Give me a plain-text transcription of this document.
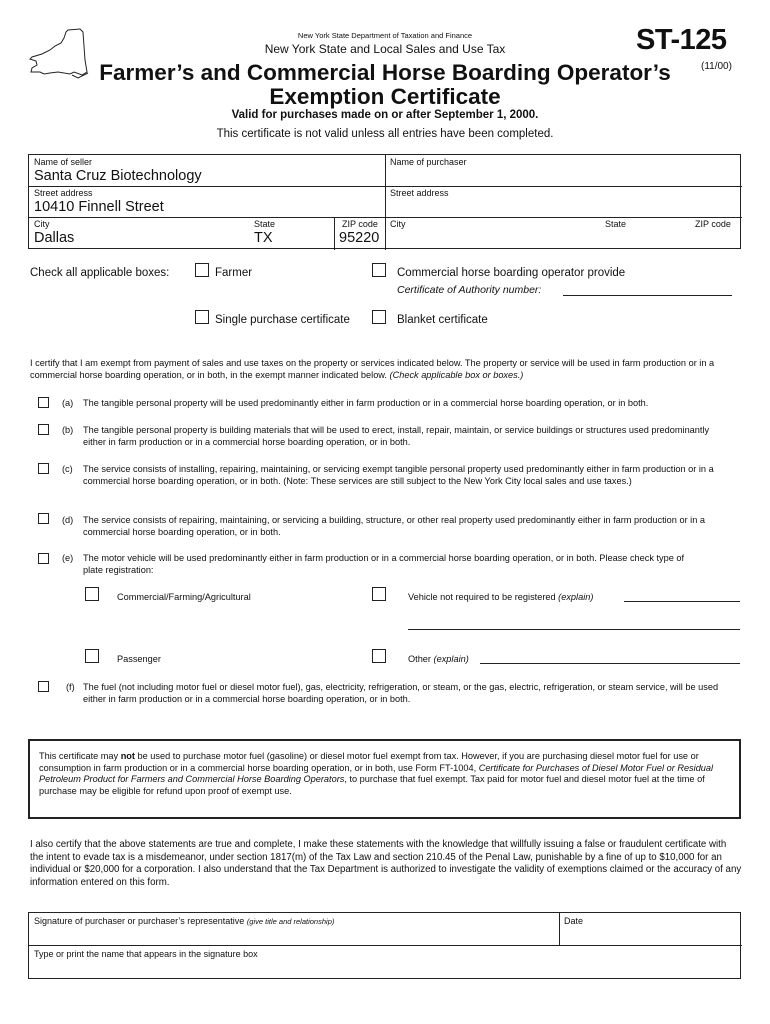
New York State Department of Taxation and Finance
New York State and Local Sales and Use Tax	ST-125
(11/00)
Farmer’s and Commercial Horse Boarding Operator’s
Exemption Certificate
Valid for purchases made on or after September 1, 2000.
This certificate is not valid unless all entries have been completed.
Name of seller
Santa Cruz Biotechnology
Name of purchaser
Street address
10410 Finnell Street
Street address
City
Dallas
State
TX
ZIP code
95220
City	State	ZIP code
Check all applicable boxes:	Farmer	Commercial horse boarding operator provide
Certificate of Authority number:
Single purchase certificate	Blanket certificate
I certify that I am exempt from payment of sales and use taxes on the property or services indicated below. The property or service will be used in farm production or in a commercial horse boarding operation, or in both, in the exempt manner indicated below. (Check applicable box or boxes.)
(a) The tangible personal property will be used predominantly either in farm production or in a commercial horse boarding operation, or in both.
(b) The tangible personal property is building materials that will be used to erect, install, repair, maintain, or service buildings or structures used predominantly either in farm production or in a commercial horse boarding operation, or in both.
(c) The service consists of installing, repairing, maintaining, or servicing exempt tangible personal property used predominantly either in farm production or in a commercial horse boarding operation, or in both. (Note: These services are still subject to the New York City local sales and use taxes.)
(d) The service consists of repairing, maintaining, or servicing a building, structure, or other real property used predominantly either in farm production or in a commercial horse boarding operation, or in both.
(e) The motor vehicle will be used predominantly either in farm production or in a commercial horse boarding operation, or in both. Please check type of plate registration:
Commercial/Farming/Agricultural	Vehicle not required to be registered (explain)
Passenger	Other (explain)
(f) The fuel (not including motor fuel or diesel motor fuel), gas, electricity, refrigeration, or steam, or the gas, electric, refrigeration, or steam service, will be used either in farm production or in a commercial horse boarding operation, or in both.
This certificate may not be used to purchase motor fuel (gasoline) or diesel motor fuel exempt from tax. However, if you are purchasing diesel motor fuel for use or consumption in farm production or in a commercial horse boarding operation, or in both, use Form FT-1004, Certificate for Purchases of Diesel Motor Fuel or Residual Petroleum Product for Farmers and Commercial Horse Boarding Operators, to purchase that fuel exempt. Tax paid for motor fuel and diesel motor fuel at the time of purchase may be eligible for refund upon proof of exempt use.
I also certify that the above statements are true and complete, I make these statements with the knowledge that willfully issuing a false or fraudulent certificate with the intent to evade tax is a misdemeanor, under section 1817(m) of the Tax Law and section 210.45 of the Penal Law, punishable by a fine of up to $10,000 for an individual or $20,000 for a corporation. I also understand that the Tax Department is authorized to investigate the validity of exemptions claimed or the accuracy of any information entered on this form.
Signature of purchaser or purchaser’s representative (give title and relationship)	Date
Type or print the name that appears in the signature box
